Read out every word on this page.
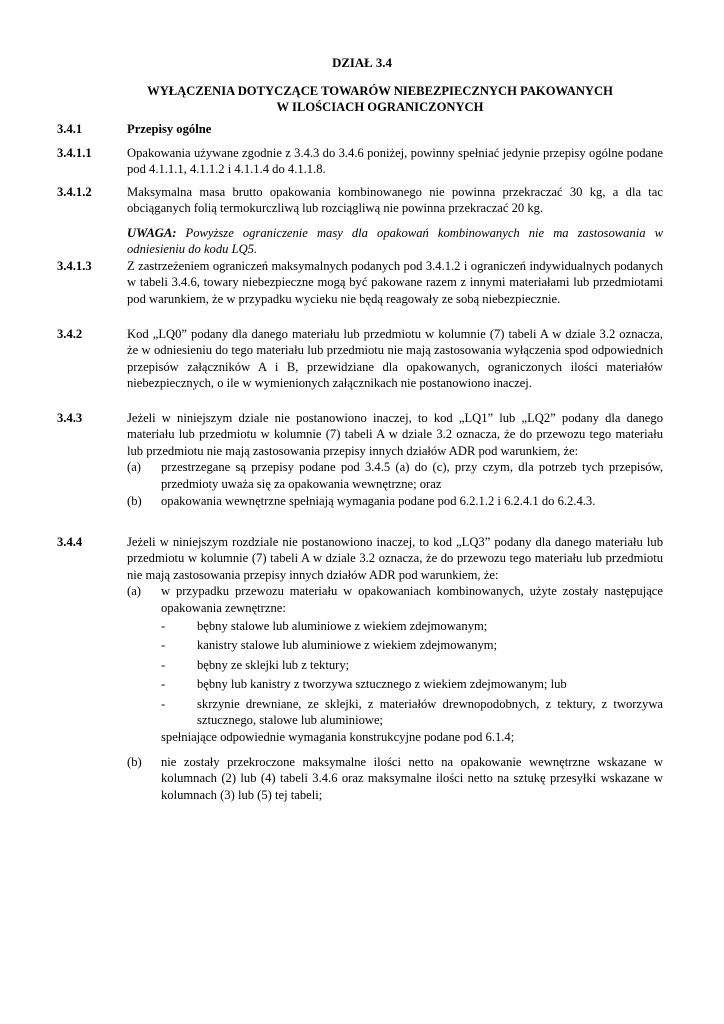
DZIAŁ 3.4
WYŁĄCZENIA DOTYCZĄCE TOWARÓW NIEBEZPIECZNYCH PAKOWANYCH
W ILOŚCIACH OGRANICZONYCH
3.4.1	Przepisy ogólne

3.4.1.1	Opakowania używane zgodnie z 3.4.3 do 3.4.6 poniżej, powinny spełniać jedynie przepisy ogólne podane pod 4.1.1.1, 4.1.1.2 i 4.1.1.4 do 4.1.1.8.

3.4.1.2	Maksymalna masa brutto opakowania kombinowanego nie powinna przekraczać 30 kg, a dla tac obciąganych folią termokurczliwą lub rozciągliwą nie powinna przekraczać 20 kg.

UWAGA: Powyższe ograniczenie masy dla opakowań kombinowanych nie ma zastosowania w odniesieniu do kodu LQ5.

3.4.1.3	Z zastrzeżeniem ograniczeń maksymalnych podanych pod 3.4.1.2 i ograniczeń indywidualnych podanych w tabeli 3.4.6, towary niebezpieczne mogą być pakowane razem z innymi materiałami lub przedmiotami pod warunkiem, że w przypadku wycieku nie będą reagowały ze sobą niebezpiecznie.

3.4.2	Kod „LQ0” podany dla danego materiału lub przedmiotu w kolumnie (7) tabeli A w dziale 3.2 oznacza, że w odniesieniu do tego materiału lub przedmiotu nie mają zastosowania wyłączenia spod odpowiednich przepisów załączników A i B, przewidziane dla opakowanych, ograniczonych ilości materiałów niebezpiecznych, o ile w wymienionych załącznikach nie postanowiono inaczej.

3.4.3	Jeżeli w niniejszym dziale nie postanowiono inaczej, to kod „LQ1” lub „LQ2” podany dla danego materiału lub przedmiotu w kolumnie (7) tabeli A w dziale 3.2 oznacza, że do przewozu tego materiału lub przedmiotu nie mają zastosowania przepisy innych działów ADR pod warunkiem, że:

(a) przestrzegane są przepisy podane pod 3.4.5 (a) do (c), przy czym, dla potrzeb tych przepisów, przedmioty uważa się za opakowania wewnętrzne; oraz
(b) opakowania wewnętrzne spełniają wymagania podane pod 6.2.1.2 i 6.2.4.1 do 6.2.4.3.
3.4.4	Jeżeli w niniejszym rozdziale nie postanowiono inaczej, to kod „LQ3” podany dla danego materiału lub przedmiotu w kolumnie (7) tabeli A w dziale 3.2 oznacza, że do przewozu tego materiału lub przedmiotu nie mają zastosowania przepisy innych działów ADR pod warunkiem, że:

(a) w przypadku przewozu materiału w opakowaniach kombinowanych, użyte zostały następujące opakowania zewnętrzne:
-	bębny stalowe lub aluminiowe z wiekiem zdejmowanym;
-	kanistry stalowe lub aluminiowe z wiekiem zdejmowanym;
-	bębny ze sklejki lub z tektury;
-	bębny lub kanistry z tworzywa sztucznego z wiekiem zdejmowanym; lub
-	skrzynie drewniane, ze sklejki, z materiałów drewnopodobnych, z tektury, z tworzywa sztucznego, stalowe lub aluminiowe;
spełniające odpowiednie wymagania konstrukcyjne podane pod 6.1.4;
(b) nie zostały przekroczone maksymalne ilości netto na opakowanie wewnętrzne wskazane w kolumnach (2) lub (4) tabeli 3.4.6 oraz maksymalne ilości netto na sztukę przesyłki wskazane w kolumnach (3) lub (5) tej tabeli;
